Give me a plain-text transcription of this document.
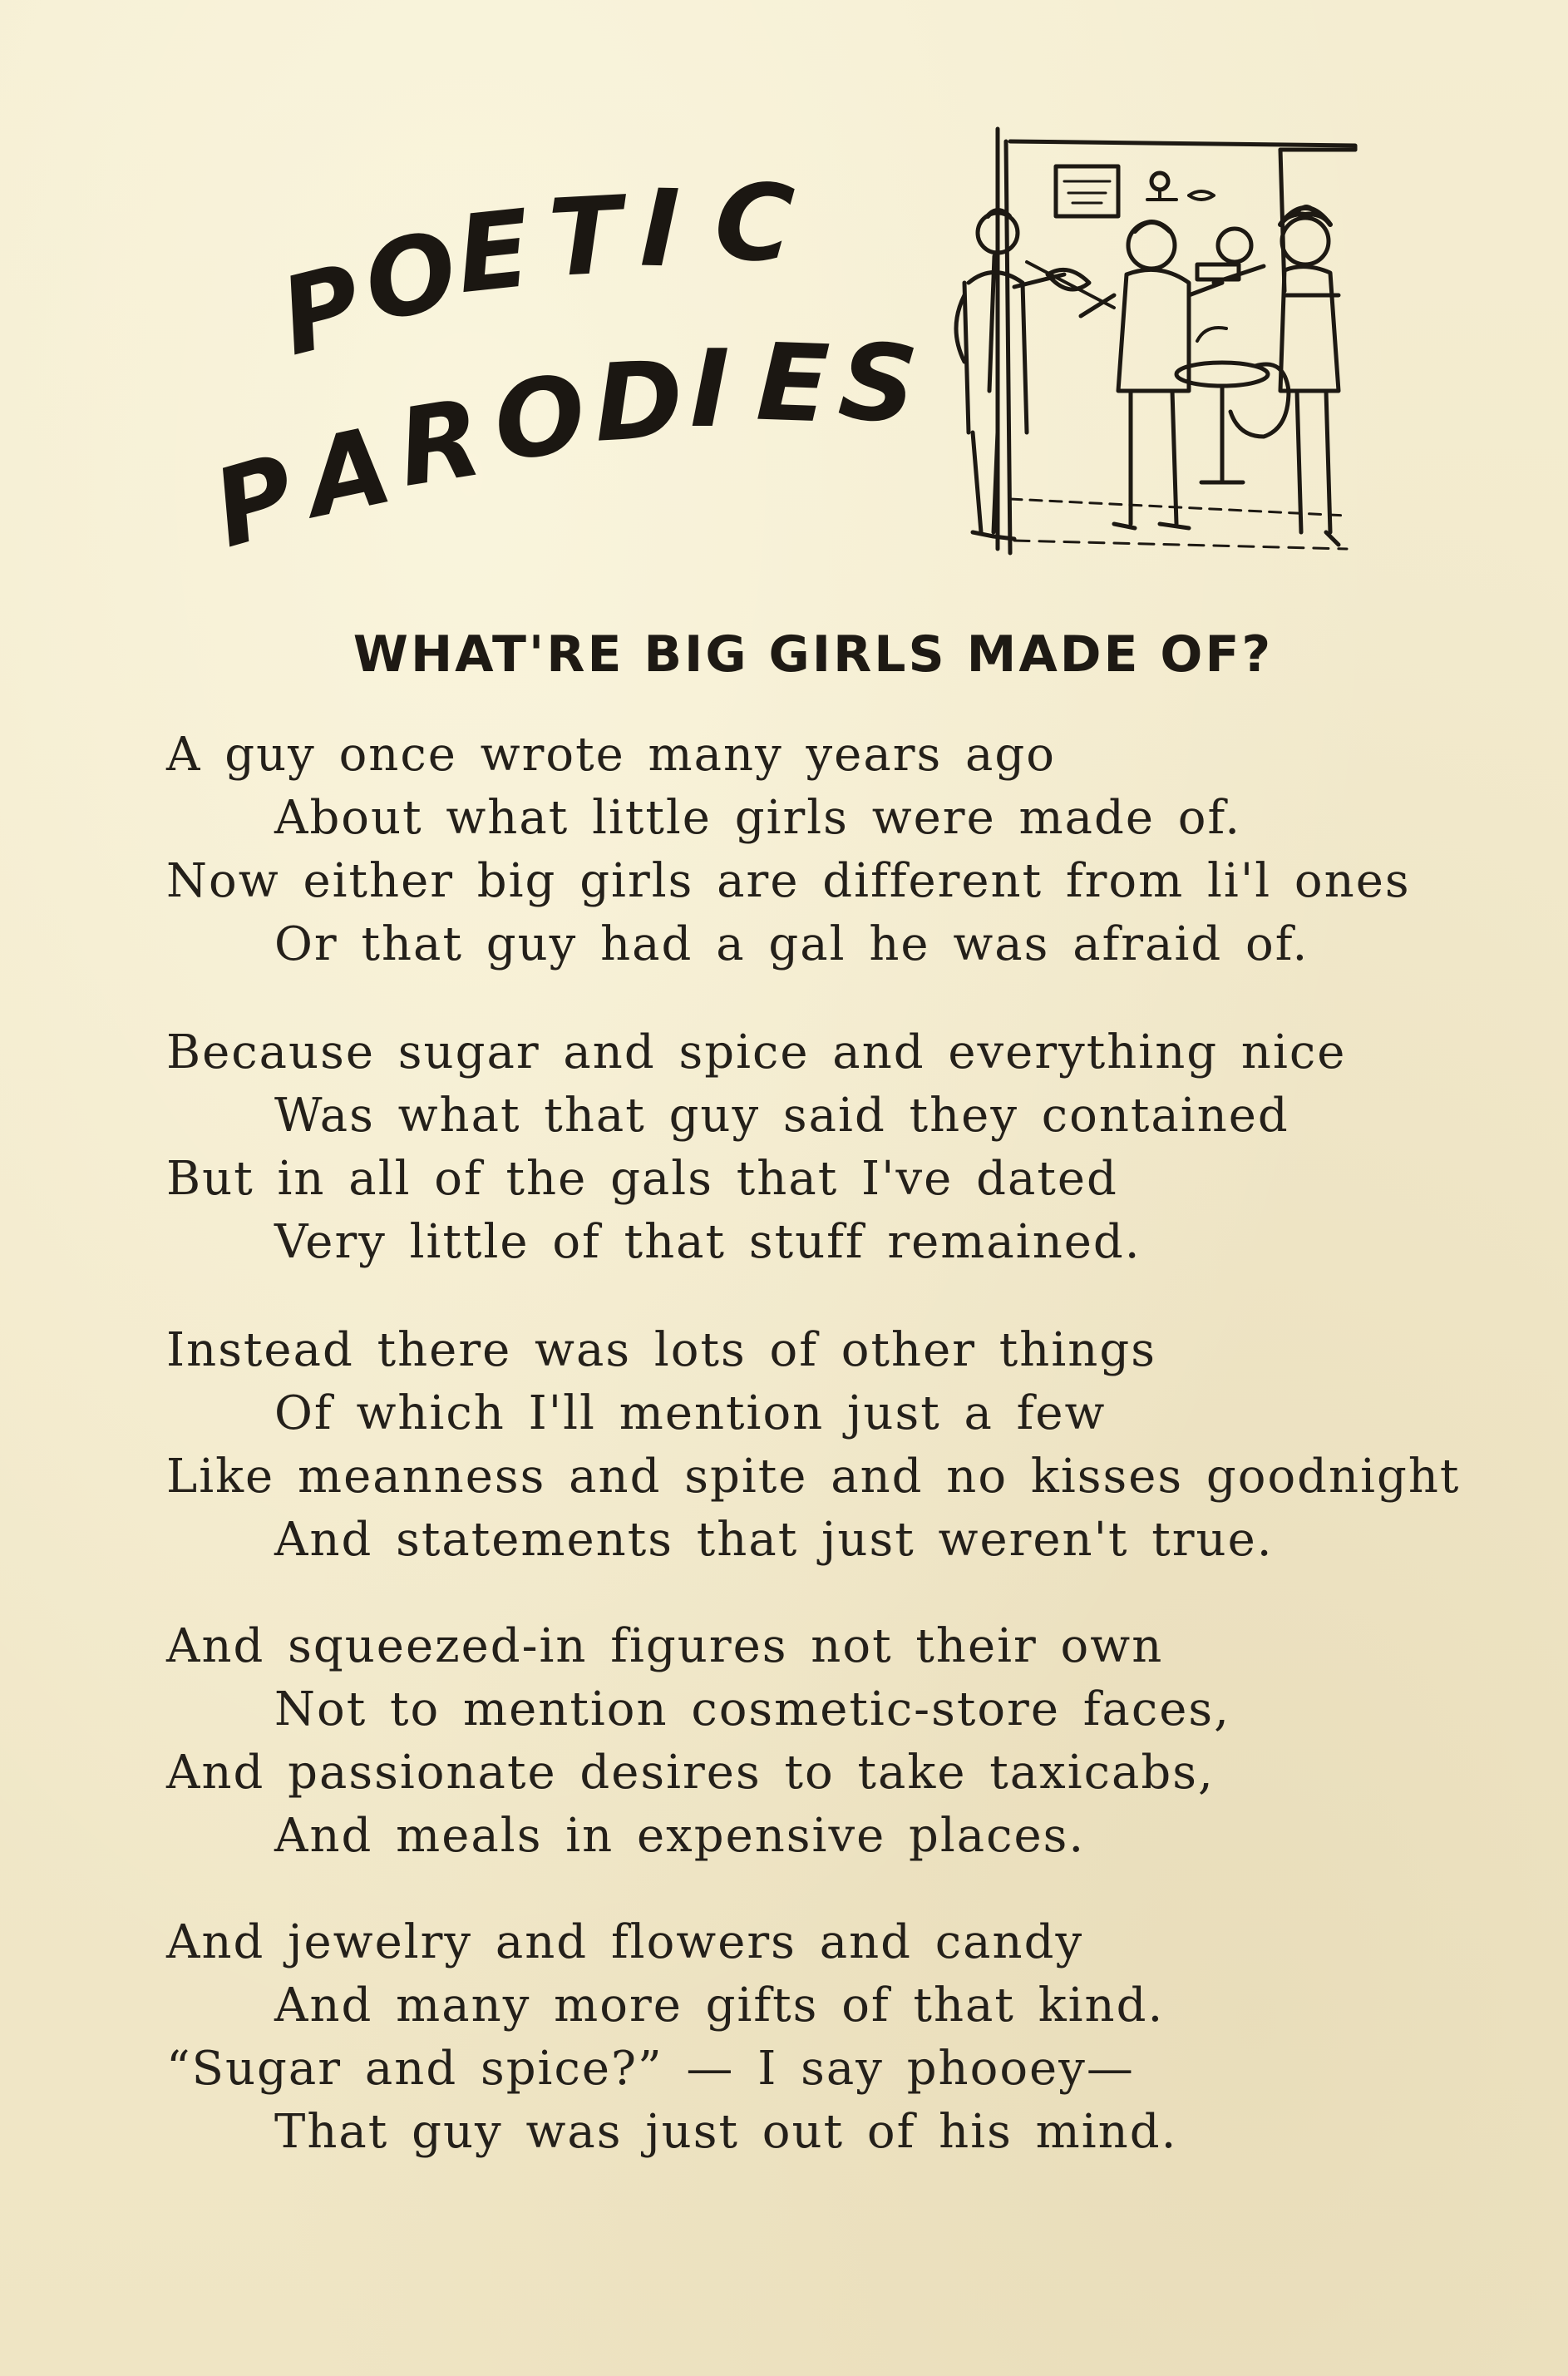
P
O
E T I C
P
A
R
O D I E S
WHAT'RE BIG GIRLS MADE OF?
A guy once wrote many years ago
About what little girls were made of.
Now either big girls are different from li'l ones
Or that guy had a gal he was afraid of.
Because sugar and spice and everything nice
Was what that guy said they contained
But in all of the gals that I've dated
Very little of that stuff remained.
Instead there was lots of other things
Of which I'll mention just a few
Like meanness and spite and no kisses goodnight
And statements that just weren't true.
And squeezed-in figures not their own
Not to mention cosmetic-store faces,
And passionate desires to take taxicabs,
And meals in expensive places.
And jewelry and flowers and candy
And many more gifts of that kind.
“Sugar and spice?” — I say phooey—
That guy was just out of his mind.
